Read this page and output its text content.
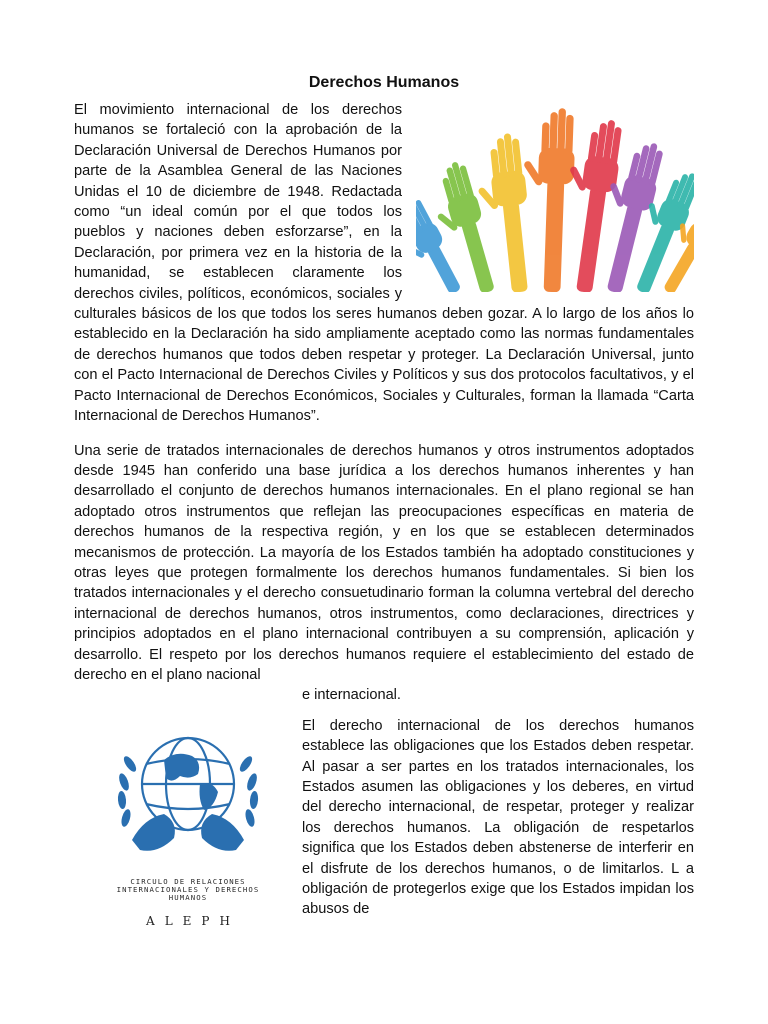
Derechos Humanos

El movimiento internacional de los derechos humanos se fortaleció con la aprobación de la Declaración Universal de Derechos Humanos por parte de la Asamblea General de las Naciones Unidas el 10 de diciembre de 1948. Redactada como “un ideal común por el que todos los pueblos y naciones deben esforzarse”, en la Declaración, por primera vez en la historia de la humanidad, se establecen claramente los derechos civiles, políticos, económicos, sociales y culturales básicos de los que todos los seres humanos deben gozar. A lo largo de los años lo establecido en la Declaración ha sido ampliamente aceptado como las normas fundamentales de derechos humanos que todos deben respetar y proteger. La Declaración Universal, junto con el Pacto Internacional de Derechos Civiles y Políticos y sus dos protocolos facultativos, y el Pacto Internacional de Derechos Económicos, Sociales y Culturales, forman la llamada “Carta Internacional de Derechos Humanos”.

Una serie de tratados internacionales de derechos humanos y otros instrumentos adoptados desde 1945 han conferido una base jurídica a los derechos humanos inherentes y han desarrollado el conjunto de derechos humanos internacionales. En el plano regional se han adoptado otros instrumentos que reflejan las preocupaciones específicas en materia de derechos humanos de la respectiva región, y en los que se establecen determinados mecanismos de protección. La mayoría de los Estados también ha adoptado constituciones y otras leyes que protegen formalmente los derechos humanos fundamentales. Si bien los tratados internacionales y el derecho consuetudinario forman la columna vertebral del derecho internacional de derechos humanos, otros instrumentos, como declaraciones, directrices y principios adoptados en el plano internacional contribuyen a su comprensión, aplicación y desarrollo. El respeto por los derechos humanos requiere el establecimiento del estado de derecho en el plano nacional
e internacional.

CIRCULO DE RELACIONES
INTERNACIONALES Y DERECHOS
HUMANOS
ALEPH

El derecho internacional de los derechos humanos establece las obligaciones que los Estados deben respetar. Al pasar a ser partes en los tratados internacionales, los Estados asumen las obligaciones y los deberes, en virtud del derecho internacional, de respetar, proteger y realizar los derechos humanos. La obligación de respetarlos significa que los Estados deben abstenerse de interferir en el disfrute de los derechos humanos, o de limitarlos. L a obligación de protegerlos exige que los Estados impidan los abusos de
